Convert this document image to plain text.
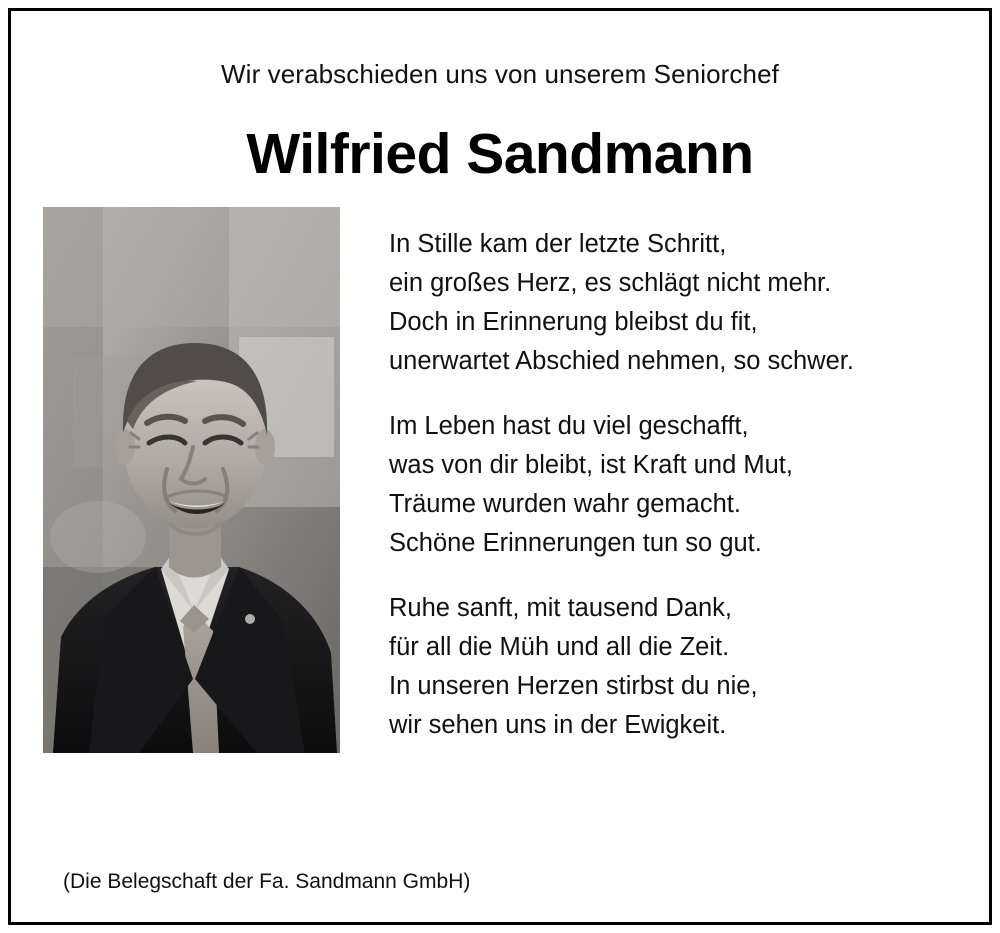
Wir verabschieden uns von unserem Seniorchef
Wilfried Sandmann

In Stille kam der letzte Schritt,
ein großes Herz, es schlägt nicht mehr.
Doch in Erinnerung bleibst du fit,
unerwartet Abschied nehmen, so schwer.

Im Leben hast du viel geschafft,
was von dir bleibt, ist Kraft und Mut,
Träume wurden wahr gemacht.
Schöne Erinnerungen tun so gut.

Ruhe sanft, mit tausend Dank,
für all die Müh und all die Zeit.
In unseren Herzen stirbst du nie,
wir sehen uns in der Ewigkeit.

(Die Belegschaft der Fa. Sandmann GmbH)
